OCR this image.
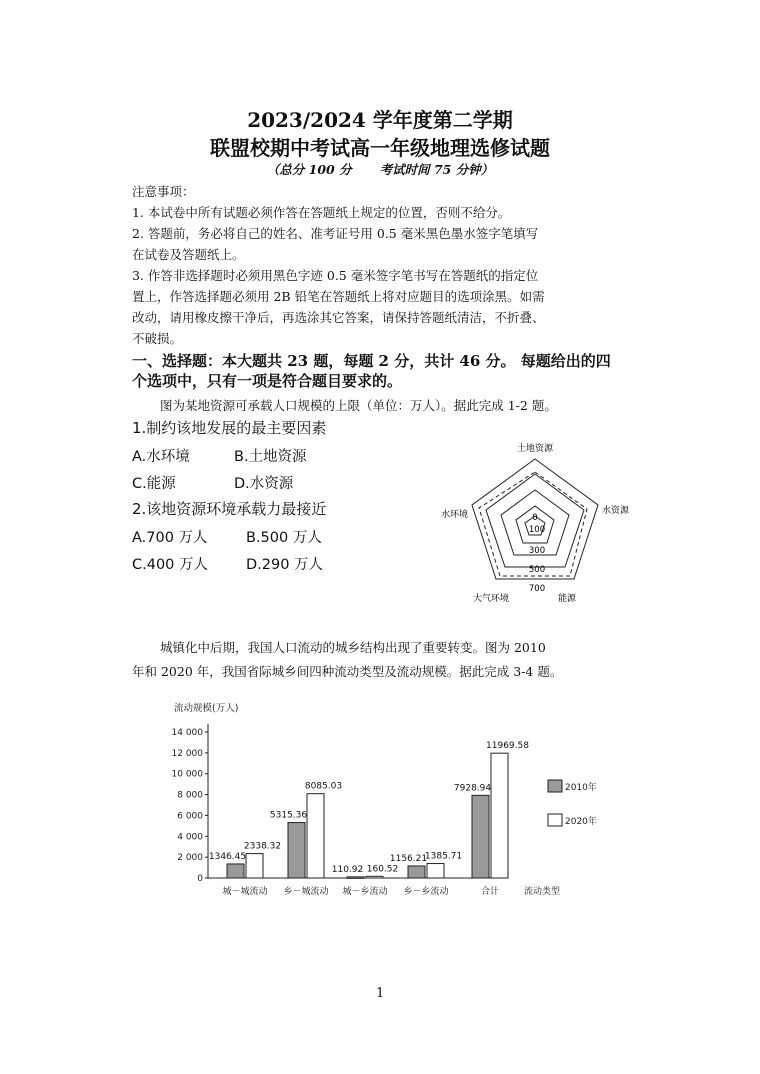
2023/2024 学年度第二学期
联盟校期中考试高一年级地理选修试题
（总分 100 分 考试时间 75 分钟）
注意事项：
1. 本试卷中所有试题必须作答在答题纸上规定的位置，否则不给分。
2. 答题前，务必将自己的姓名、准考证号用 0.5 毫米黑色墨水签字笔填写
在试卷及答题纸上。
3. 作答非选择题时必须用黑色字迹 0.5 毫米签字笔书写在答题纸的指定位
置上，作答选择题必须用 2B 铅笔在答题纸上将对应题目的选项涂黑。如需
改动，请用橡皮擦干净后，再选涂其它答案，请保持答题纸清洁，不折叠、
不破损。
一、选择题：本大题共 23 题，每题 2 分，共计 46 分。 每题给出的四
个选项中，只有一项是符合题目要求的。
图为某地资源可承载人口规模的上限（单位：万人）。据此完成 1-2 题。
1.制约该地发展的最主要因素
A.水环境	B.土地资源
C.能源	D.水资源
2.该地资源环境承载力最接近
A.700 万人	B.500 万人
C.400 万人	D.290 万人
土地资源
水资源
能源
大气环境
水环境	0
100
300
500
700
城镇化中后期，我国人口流动的城乡结构出现了重要转变。图为 2010
年和 2020 年，我国省际城乡间四种流动类型及流动规模。据此完成 3-4 题。
流动规模(万人)
0
2 000
4 000
6 000
8 000
10 000
12 000
14 000
1346.45
2338.32
城－城流动
5315.36
8085.03
乡－城流动
110.92 160.52
城－乡流动
1156.21
1385.71
乡－乡流动
7928.94
11969.58
合计	流动类型
2010年
2020年
1
